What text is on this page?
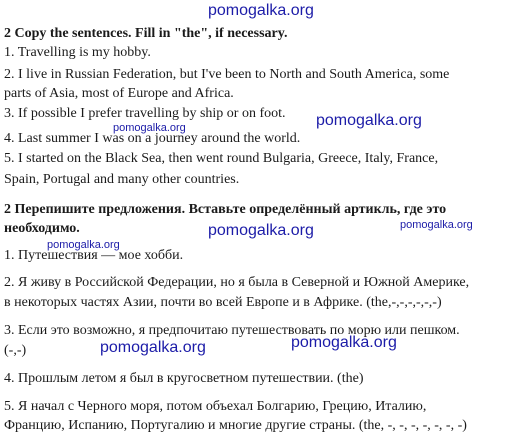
pomogalka.org
pomogalka.org
pomogalka.org
pomogalka.org
pomogalka.org
pomogalka.org
pomogalka.org
pomogalka.org
2 Copy the sentences. Fill in "the", if necessary.
1. Travelling is my hobby.
2. I live in Russian Federation, but I've been to North and South America, some
parts of Asia, most of Europe and Africa.
3. If possible I prefer travelling by ship or on foot.
4. Last summer I was on a journey around the world.
5. I started on the Black Sea, then went round Bulgaria, Greece, Italy, France,
Spain, Portugal and many other countries.
2 Перепишите предложения. Вставьте определённый артикль, где это
необходимо.
1. Путешествия — мое хобби.
2. Я живу в Российской Федерации, но я была в Северной и Южной Америке,
в некоторых частях Азии, почти во всей Европе и в Африке. (the,-,-,-,-,-,-)
3. Если это возможно, я предпочитаю путешествовать по морю или пешком.
(-,-)
4. Прошлым летом я был в кругосветном путешествии. (the)
5. Я начал с Черного моря, потом объехал Болгарию, Грецию, Италию,
Францию, Испанию, Португалию и многие другие страны. (the, -, -, -, -, -, -, -)
